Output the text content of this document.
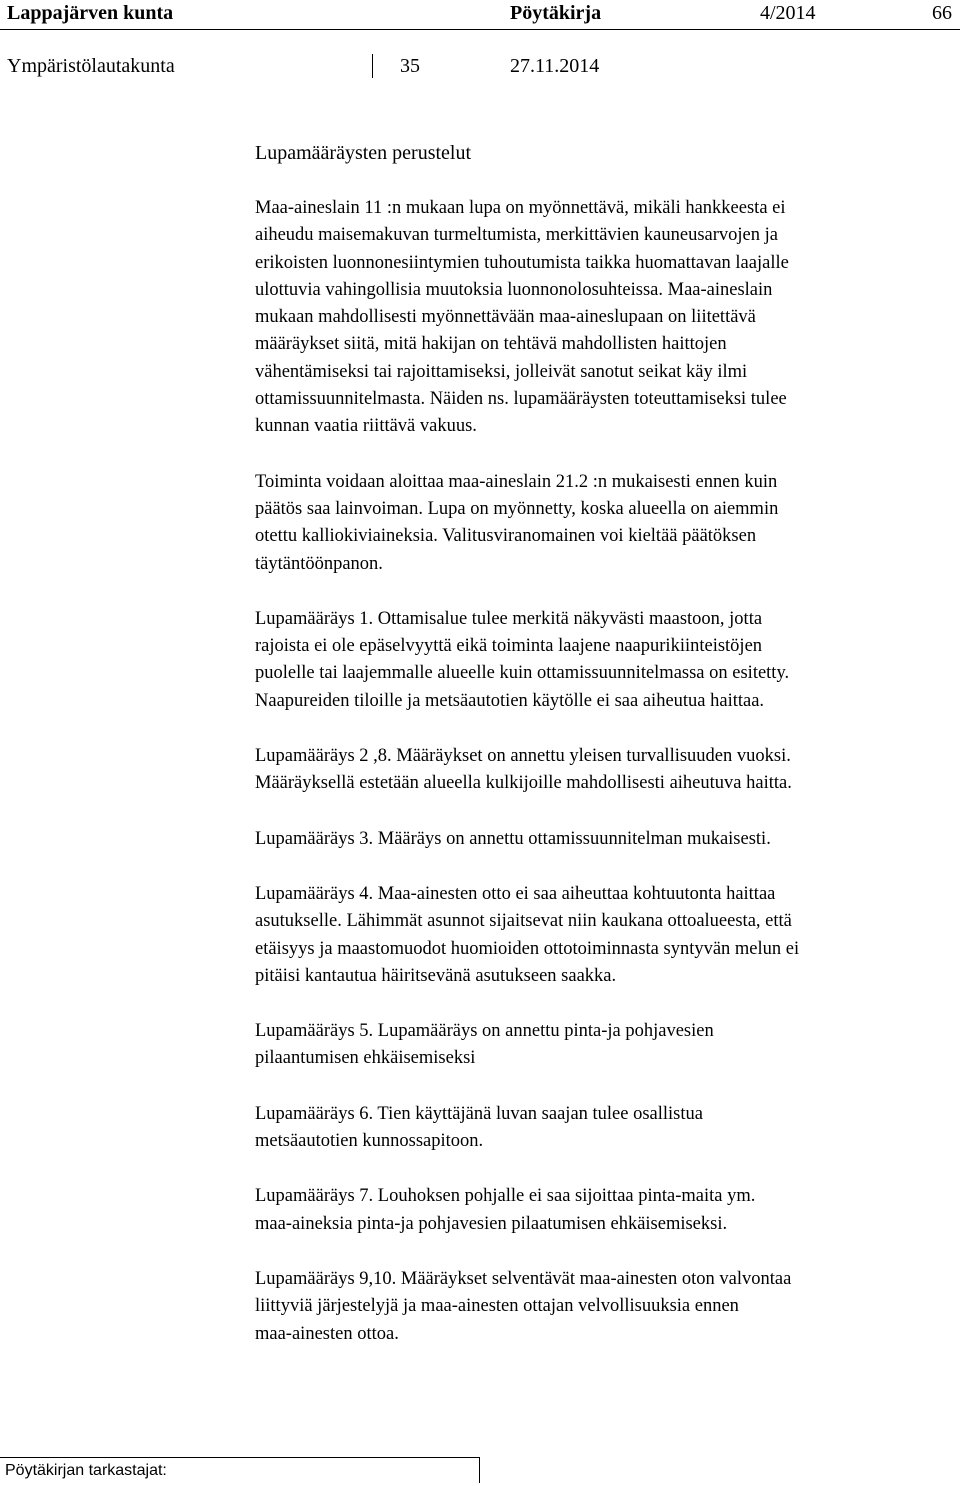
Lappajärven kunta	Pöytäkirja	4/2014	66
Ympäristölautakunta	35	27.11.2014
Lupamääräysten perustelut

Maa-aineslain 11 :n mukaan lupa on myönnettävä, mikäli hankkeesta ei

aiheudu maisemakuvan turmeltumista, merkittävien kauneusarvojen ja

erikoisten luonnonesiintymien tuhoutumista taikka huomattavan laajalle

ulottuvia vahingollisia muutoksia luonnonolosuhteissa. Maa-aineslain

mukaan mahdollisesti myönnettävään maa-aineslupaan on liitettävä

määräykset siitä, mitä hakijan on tehtävä mahdollisten haittojen

vähentämiseksi tai rajoittamiseksi, jolleivät sanotut seikat käy ilmi

ottamissuunnitelmasta. Näiden ns. lupamääräysten toteuttamiseksi tulee

kunnan vaatia riittävä vakuus.

Toiminta voidaan aloittaa maa-aineslain 21.2 :n mukaisesti ennen kuin

päätös saa lainvoiman. Lupa on myönnetty, koska alueella on aiemmin

otettu kalliokiviaineksia. Valitusviranomainen voi kieltää päätöksen

täytäntöönpanon.

Lupamääräys 1. Ottamisalue tulee merkitä näkyvästi maastoon, jotta

rajoista ei ole epäselvyyttä eikä toiminta laajene naapurikiinteistöjen

puolelle tai laajemmalle alueelle kuin ottamissuunnitelmassa on esitetty.

Naapureiden tiloille ja metsäautotien käytölle ei saa aiheutua haittaa.

Lupamääräys 2 ,8. Määräykset on annettu yleisen turvallisuuden vuoksi.

Määräyksellä estetään alueella kulkijoille mahdollisesti aiheutuva haitta.

Lupamääräys 3. Määräys on annettu ottamissuunnitelman mukaisesti.

Lupamääräys 4. Maa-ainesten otto ei saa aiheuttaa kohtuutonta haittaa

asutukselle. Lähimmät asunnot sijaitsevat niin kaukana ottoalueesta, että

etäisyys ja maastomuodot huomioiden ottotoiminnasta syntyvän melun ei

pitäisi kantautua häiritsevänä asutukseen saakka.

Lupamääräys 5. Lupamääräys on annettu pinta-ja pohjavesien

pilaantumisen ehkäisemiseksi

Lupamääräys 6. Tien käyttäjänä luvan saajan tulee osallistua

metsäautotien kunnossapitoon.

Lupamääräys 7. Louhoksen pohjalle ei saa sijoittaa pinta-maita ym.

maa-aineksia pinta-ja pohjavesien pilaatumisen ehkäisemiseksi.

Lupamääräys 9,10. Määräykset selventävät maa-ainesten oton valvontaa

liittyviä järjestelyjä ja maa-ainesten ottajan velvollisuuksia ennen

maa-ainesten ottoa.

Pöytäkirjan tarkastajat:
